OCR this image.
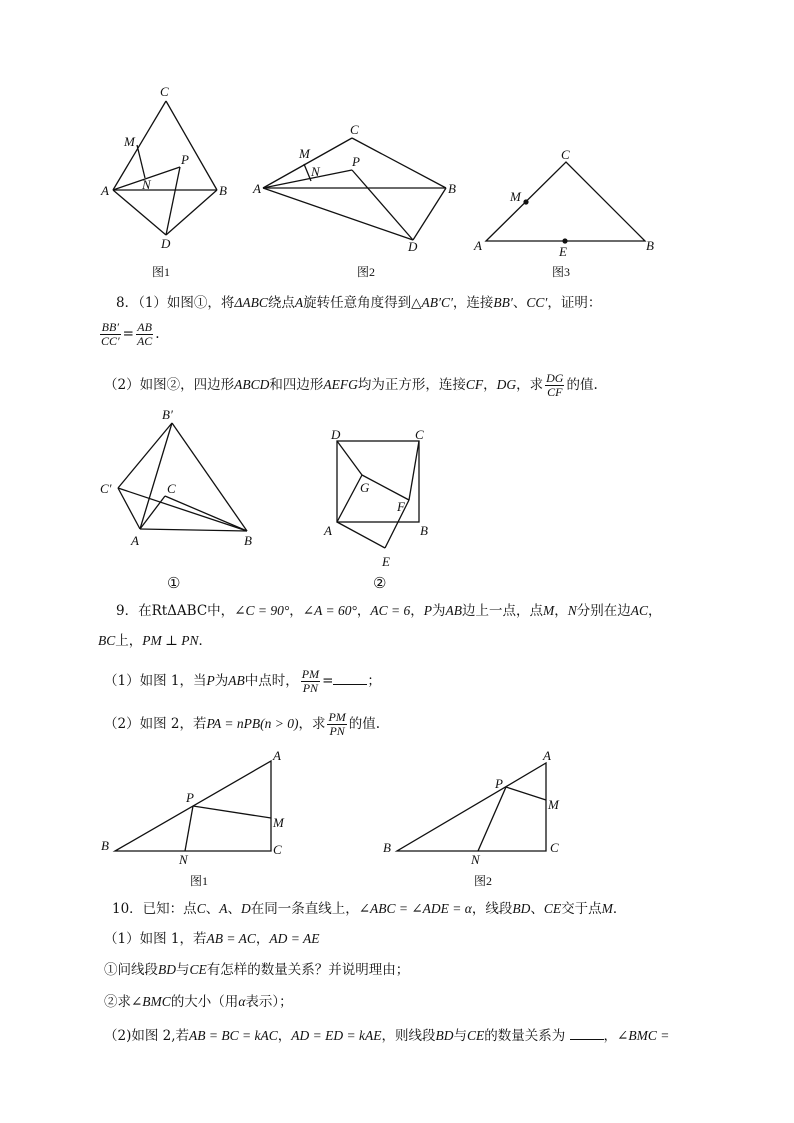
C
M
P
N
A	B
D
图1
C
M
N
P
A	B
D
图2
C
M
A	E	B
图3
8．（1）如图①，将ΔABC绕点A旋转任意角度得到△AB′C′，连接BB′、CC′，证明：
$\frac{BB'}{CC'} = \frac{AB}{AC}$ .
（2）如图②，四边形ABCD和四边形AEFG均为正方形，连接CF，DG，求 $\frac{DG}{CF}$ 的值.
B′
C′	C
A	B
①
D	C
G
F
A	B
E
②
9．在RtΔABC中，∠C = 90°，∠A = 60°，AC = 6，P为AB边上一点，点M，N分别在边AC，
BC上，PM ⊥ PN．
（1）如图 1，当P为AB中点时， $\frac{PM}{PN}$ =	；
（2）如图 2，若PA = nPB(n > 0)，求 $\frac{PM}{PN}$ 的值.
A
P
M
B
N
C
图1
A
P
M
B
N
C
图2
10．已知：点C、A、D在同一条直线上，∠ABC = ∠ADE = α，线段BD、CE交于点M．
（1）如图 1，若AB = AC，AD = AE
①问线段BD与CE有怎样的数量关系？并说明理由；
②求∠BMC的大小（用α表示）；
（2)如图 2,若AB = BC = kAC，AD = ED = kAE，则线段BD与CE的数量关系为	，∠BMC =
